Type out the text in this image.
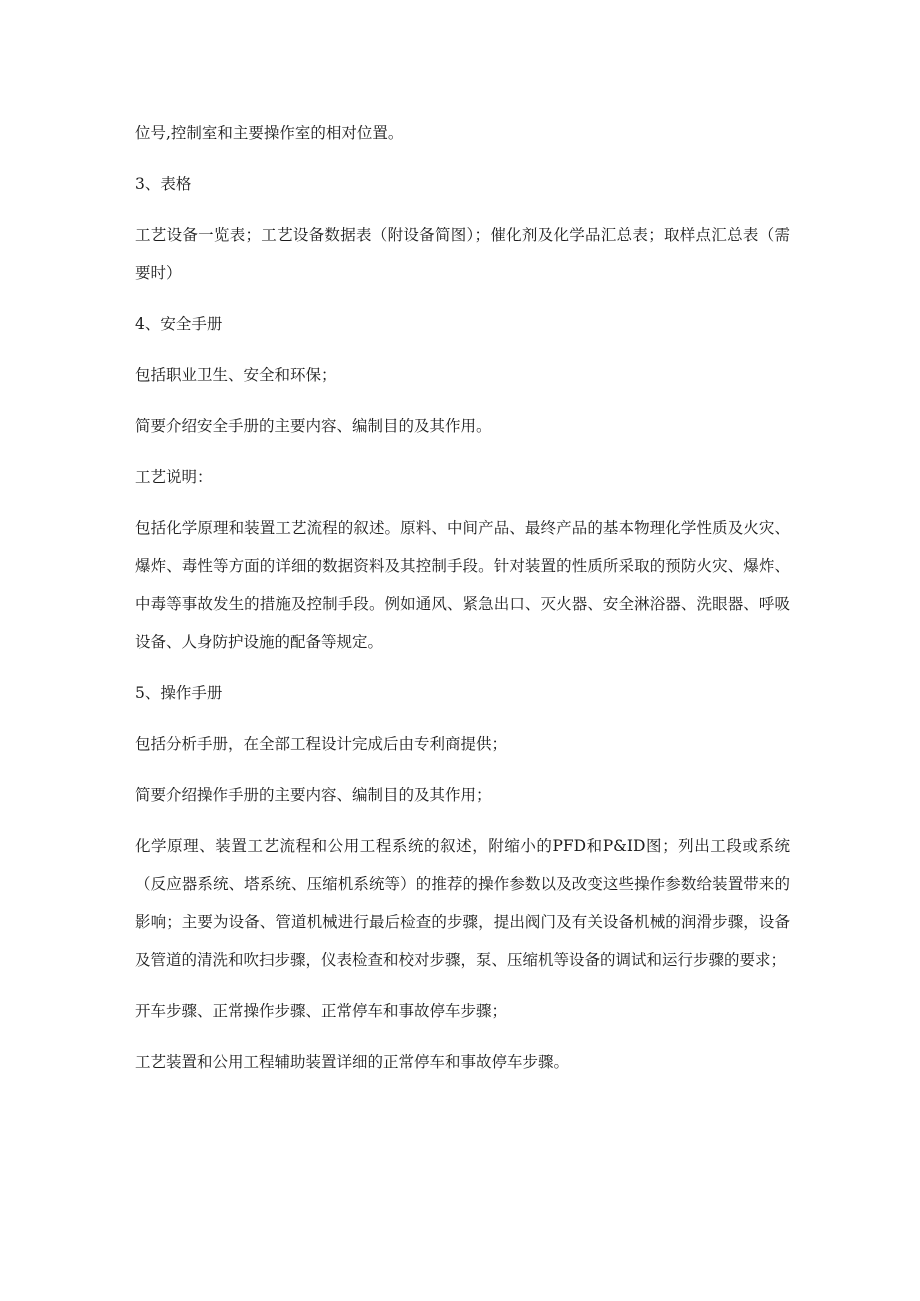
位号,控制室和主要操作室的相对位置。

3、表格

工艺设备一览表；工艺设备数据表（附设备简图）；催化剂及化学品汇总表；取样点汇总表（需要时）

4、安全手册

包括职业卫生、安全和环保；

简要介绍安全手册的主要内容、编制目的及其作用。

工艺说明：

包括化学原理和装置工艺流程的叙述。原料、中间产品、最终产品的基本物理化学性质及火灾、爆炸、毒性等方面的详细的数据资料及其控制手段。针对装置的性质所采取的预防火灾、爆炸、中毒等事故发生的措施及控制手段。例如通风、紧急出口、灭火器、安全淋浴器、洗眼器、呼吸设备、人身防护设施的配备等规定。

5、操作手册

包括分析手册，在全部工程设计完成后由专利商提供；

简要介绍操作手册的主要内容、编制目的及其作用；

化学原理、装置工艺流程和公用工程系统的叙述，附缩小的PFD和P&ID图；列出工段或系统（反应器系统、塔系统、压缩机系统等）的推荐的操作参数以及改变这些操作参数给装置带来的影响；主要为设备、管道机械进行最后检查的步骤，提出阀门及有关设备机械的润滑步骤，设备及管道的清洗和吹扫步骤，仪表检查和校对步骤，泵、压缩机等设备的调试和运行步骤的要求；

开车步骤、正常操作步骤、正常停车和事故停车步骤；

工艺装置和公用工程辅助装置详细的正常停车和事故停车步骤。
